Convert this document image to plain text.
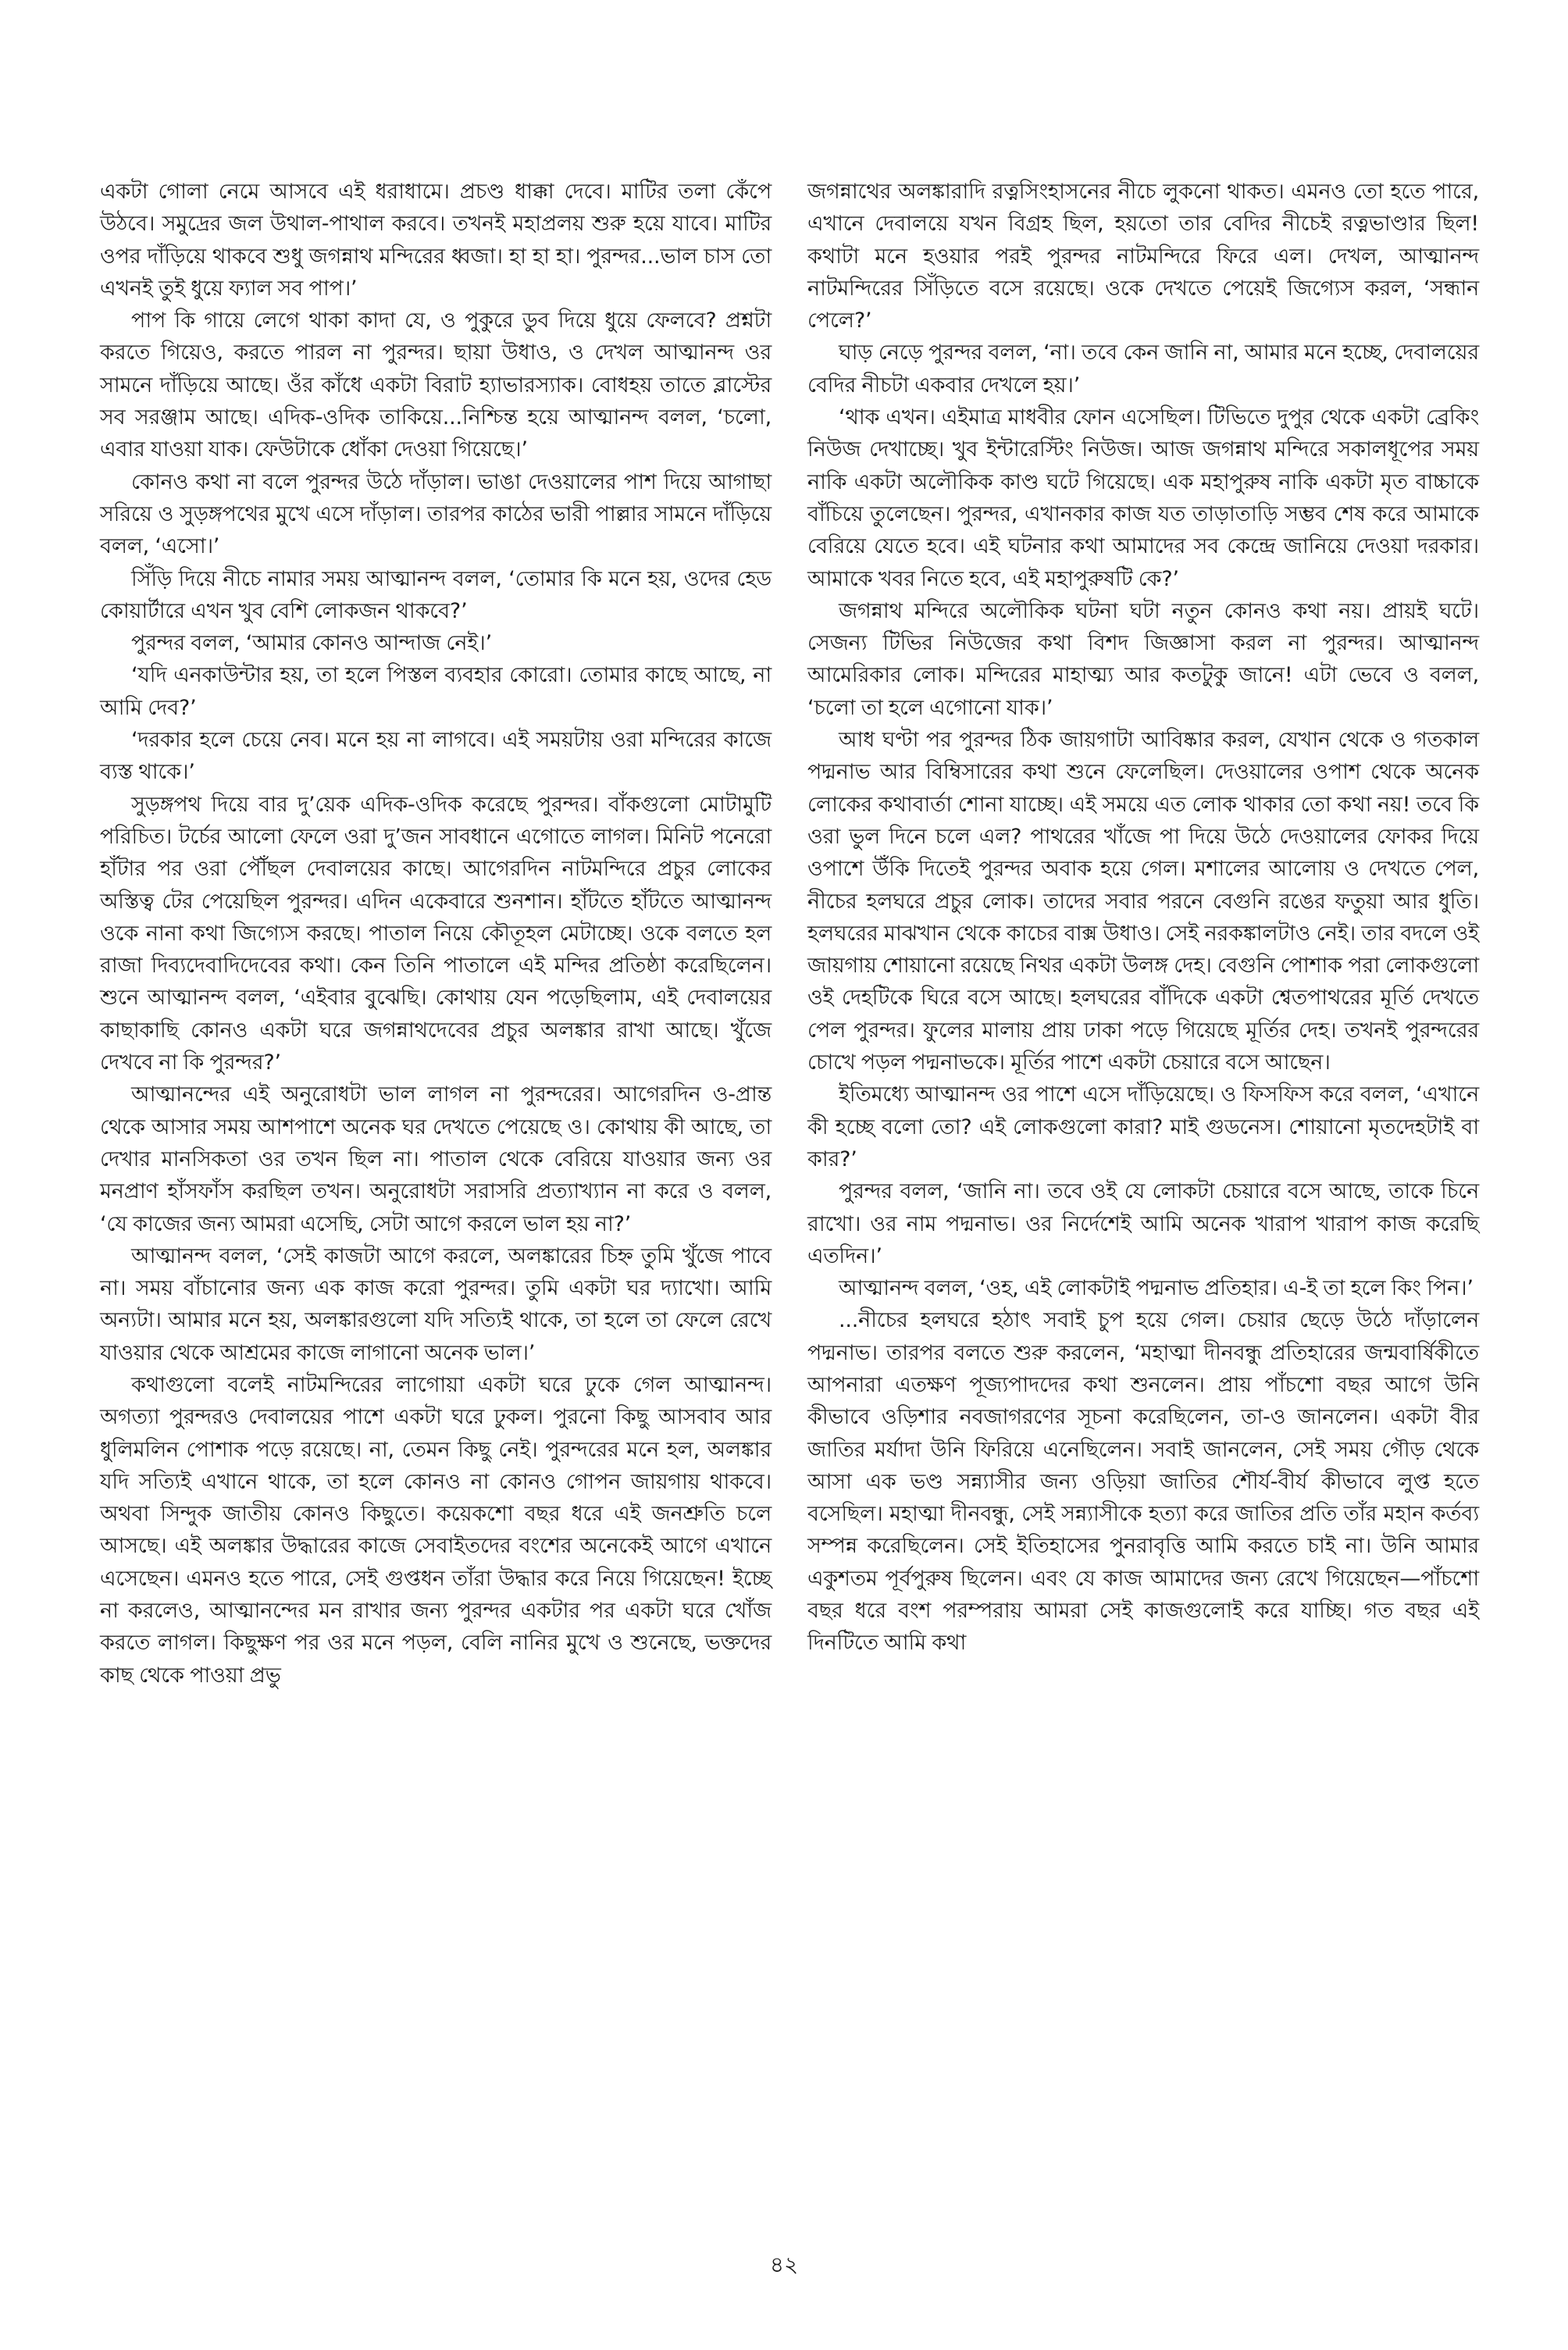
একটা গোলা নেমে আসবে এই ধরাধামে। প্রচণ্ড ধাক্কা দেবে। মাটির তলা কেঁপে উঠবে। সমুদ্রের জল উথাল-পাথাল করবে। তখনই মহাপ্রলয় শুরু হয়ে যাবে। মাটির ওপর দাঁড়িয়ে থাকবে শুধু জগন্নাথ মন্দিরের ধ্বজা। হা হা হা। পুরন্দর...ভাল চাস তো এখনই তুই ধুয়ে ফ্যাল সব পাপ।’

পাপ কি গায়ে লেগে থাকা কাদা যে, ও পুকুরে ডুব দিয়ে ধুয়ে ফেলবে? প্রশ্নটা করতে গিয়েও, করতে পারল না পুরন্দর। ছায়া উধাও, ও দেখল আত্মানন্দ ওর সামনে দাঁড়িয়ে আছে। ওঁর কাঁধে একটা বিরাট হ্যাভারস্যাক। বোধহয় তাতে ব্লাস্টের সব সরঞ্জাম আছে। এদিক-ওদিক তাকিয়ে...নিশ্চিন্ত হয়ে আত্মানন্দ বলল, ‘চলো, এবার যাওয়া যাক। ফেউটাকে ধোঁকা দেওয়া গিয়েছে।’

কোনও কথা না বলে পুরন্দর উঠে দাঁড়াল। ভাঙা দেওয়ালের পাশ দিয়ে আগাছা সরিয়ে ও সুড়ঙ্গপথের মুখে এসে দাঁড়াল। তারপর কাঠের ভারী পাল্লার সামনে দাঁড়িয়ে বলল, ‘এসো।’

সিঁড়ি দিয়ে নীচে নামার সময় আত্মানন্দ বলল, ‘তোমার কি মনে হয়, ওদের হেড কোয়ার্টারে এখন খুব বেশি লোকজন থাকবে?’

পুরন্দর বলল, ‘আমার কোনও আন্দাজ নেই।’

‘যদি এনকাউন্টার হয়, তা হলে পিস্তল ব্যবহার কোরো। তোমার কাছে আছে, না আমি দেব?’

‘দরকার হলে চেয়ে নেব। মনে হয় না লাগবে। এই সময়টায় ওরা মন্দিরের কাজে ব্যস্ত থাকে।’

সুড়ঙ্গপথ দিয়ে বার দু’য়েক এদিক-ওদিক করেছে পুরন্দর। বাঁকগুলো মোটামুটি পরিচিত। টর্চের আলো ফেলে ওরা দু’জন সাবধানে এগোতে লাগল। মিনিট পনেরো হাঁটার পর ওরা পৌঁছল দেবালয়ের কাছে। আগেরদিন নাটমন্দিরে প্রচুর লোকের অস্তিত্ব টের পেয়েছিল পুরন্দর। এদিন একেবারে শুনশান। হাঁটতে হাঁটতে আত্মানন্দ ওকে নানা কথা জিগ্যেস করছে। পাতাল নিয়ে কৌতূহল মেটাচ্ছে। ওকে বলতে হল রাজা দিব্যদেবাদিদেবের কথা। কেন তিনি পাতালে এই মন্দির প্রতিষ্ঠা করেছিলেন। শুনে আত্মানন্দ বলল, ‘এইবার বুঝেছি। কোথায় যেন পড়েছিলাম, এই দেবালয়ের কাছাকাছি কোনও একটা ঘরে জগন্নাথদেবের প্রচুর অলঙ্কার রাখা আছে। খুঁজে দেখবে না কি পুরন্দর?’

আত্মানন্দের এই অনুরোধটা ভাল লাগল না পুরন্দরের। আগেরদিন ও-প্রান্ত থেকে আসার সময় আশপাশে অনেক ঘর দেখতে পেয়েছে ও। কোথায় কী আছে, তা দেখার মানসিকতা ওর তখন ছিল না। পাতাল থেকে বেরিয়ে যাওয়ার জন্য ওর মনপ্রাণ হাঁসফাঁস করছিল তখন। অনুরোধটা সরাসরি প্রত্যাখ্যান না করে ও বলল, ‘যে কাজের জন্য আমরা এসেছি, সেটা আগে করলে ভাল হয় না?’

আত্মানন্দ বলল, ‘সেই কাজটা আগে করলে, অলঙ্কারের চিহ্ন তুমি খুঁজে পাবে না। সময় বাঁচানোর জন্য এক কাজ করো পুরন্দর। তুমি একটা ঘর দ্যাখো। আমি অন্যটা। আমার মনে হয়, অলঙ্কারগুলো যদি সত্যিই থাকে, তা হলে তা ফেলে রেখে যাওয়ার থেকে আশ্রমের কাজে লাগানো অনেক ভাল।’

কথাগুলো বলেই নাটমন্দিরের লাগোয়া একটা ঘরে ঢুকে গেল আত্মানন্দ। অগত্যা পুরন্দরও দেবালয়ের পাশে একটা ঘরে ঢুকল। পুরনো কিছু আসবাব আর ধুলিমলিন পোশাক পড়ে রয়েছে। না, তেমন কিছু নেই। পুরন্দরের মনে হল, অলঙ্কার যদি সত্যিই এখানে থাকে, তা হলে কোনও না কোনও গোপন জায়গায় থাকবে। অথবা সিন্দুক জাতীয় কোনও কিছুতে। কয়েকশো বছর ধরে এই জনশ্রুতি চলে আসছে। এই অলঙ্কার উদ্ধারের কাজে সেবাইতদের বংশের অনেকেই আগে এখানে এসেছেন। এমনও হতে পারে, সেই গুপ্তধন তাঁরা উদ্ধার করে নিয়ে গিয়েছেন! ইচ্ছে না করলেও, আত্মানন্দের মন রাখার জন্য পুরন্দর একটার পর একটা ঘরে খোঁজ করতে লাগল। কিছুক্ষণ পর ওর মনে পড়ল, বেলি নানির মুখে ও শুনেছে, ভক্তদের কাছ থেকে পাওয়া প্রভু

জগন্নাথের অলঙ্কারাদি রত্নসিংহাসনের নীচে লুকনো থাকত। এমনও তো হতে পারে, এখানে দেবালয়ে যখন বিগ্রহ ছিল, হয়তো তার বেদির নীচেই রত্নভাণ্ডার ছিল! কথাটা মনে হওয়ার পরই পুরন্দর নাটমন্দিরে ফিরে এল। দেখল, আত্মানন্দ নাটমন্দিরের সিঁড়িতে বসে রয়েছে। ওকে দেখতে পেয়েই জিগ্যেস করল, ‘সন্ধান পেলে?’

ঘাড় নেড়ে পুরন্দর বলল, ‘না। তবে কেন জানি না, আমার মনে হচ্ছে, দেবালয়ের বেদির নীচটা একবার দেখলে হয়।’

‘থাক এখন। এইমাত্র মাধবীর ফোন এসেছিল। টিভিতে দুপুর থেকে একটা ব্রেকিং নিউজ দেখাচ্ছে। খুব ইন্টারেস্টিং নিউজ। আজ জগন্নাথ মন্দিরে সকালধূপের সময় নাকি একটা অলৌকিক কাণ্ড ঘটে গিয়েছে। এক মহাপুরুষ নাকি একটা মৃত বাচ্চাকে বাঁচিয়ে তুলেছেন। পুরন্দর, এখানকার কাজ যত তাড়াতাড়ি সম্ভব শেষ করে আমাকে বেরিয়ে যেতে হবে। এই ঘটনার কথা আমাদের সব কেন্দ্রে জানিয়ে দেওয়া দরকার। আমাকে খবর নিতে হবে, এই মহাপুরুষটি কে?’

জগন্নাথ মন্দিরে অলৌকিক ঘটনা ঘটা নতুন কোনও কথা নয়। প্রায়ই ঘটে। সেজন্য টিভির নিউজের কথা বিশদ জিজ্ঞাসা করল না পুরন্দর। আত্মানন্দ আমেরিকার লোক। মন্দিরের মাহাত্ম্য আর কতটুকু জানে! এটা ভেবে ও বলল, ‘চলো তা হলে এগোনো যাক।’

আধ ঘণ্টা পর পুরন্দর ঠিক জায়গাটা আবিষ্কার করল, যেখান থেকে ও গতকাল পদ্মনাভ আর বিম্বিসারের কথা শুনে ফেলেছিল। দেওয়ালের ওপাশ থেকে অনেক লোকের কথাবার্তা শোনা যাচ্ছে। এই সময়ে এত লোক থাকার তো কথা নয়! তবে কি ওরা ভুল দিনে চলে এল? পাথরের খাঁজে পা দিয়ে উঠে দেওয়ালের ফোকর দিয়ে ওপাশে উঁকি দিতেই পুরন্দর অবাক হয়ে গেল। মশালের আলোয় ও দেখতে পেল, নীচের হলঘরে প্রচুর লোক। তাদের সবার পরনে বেগুনি রঙের ফতুয়া আর ধুতি। হলঘরের মাঝখান থেকে কাচের বাক্স উধাও। সেই নরকঙ্কালটাও নেই। তার বদলে ওই জায়গায় শোয়ানো রয়েছে নিথর একটা উলঙ্গ দেহ। বেগুনি পোশাক পরা লোকগুলো ওই দেহটিকে ঘিরে বসে আছে। হলঘরের বাঁদিকে একটা শ্বেতপাথরের মূর্তি দেখতে পেল পুরন্দর। ফুলের মালায় প্রায় ঢাকা পড়ে গিয়েছে মূর্তির দেহ। তখনই পুরন্দরের চোখে পড়ল পদ্মনাভকে। মূর্তির পাশে একটা চেয়ারে বসে আছেন।

ইতিমধ্যে আত্মানন্দ ওর পাশে এসে দাঁড়িয়েছে। ও ফিসফিস করে বলল, ‘এখানে কী হচ্ছে বলো তো? এই লোকগুলো কারা? মাই গুডনেস। শোয়ানো মৃতদেহটাই বা কার?’

পুরন্দর বলল, ‘জানি না। তবে ওই যে লোকটা চেয়ারে বসে আছে, তাকে চিনে রাখো। ওর নাম পদ্মনাভ। ওর নির্দেশেই আমি অনেক খারাপ খারাপ কাজ করেছি এতদিন।’

আত্মানন্দ বলল, ‘ওহ, এই লোকটাই পদ্মনাভ প্রতিহার। এ-ই তা হলে কিং পিন।’

...নীচের হলঘরে হঠাৎ সবাই চুপ হয়ে গেল। চেয়ার ছেড়ে উঠে দাঁড়ালেন পদ্মনাভ। তারপর বলতে শুরু করলেন, ‘মহাত্মা দীনবন্ধু প্রতিহারের জন্মবার্ষিকীতে আপনারা এতক্ষণ পূজ্যপাদদের কথা শুনলেন। প্রায় পাঁচশো বছর আগে উনি কীভাবে ওড়িশার নবজাগরণের সূচনা করেছিলেন, তা-ও জানলেন। একটা বীর জাতির মর্যাদা উনি ফিরিয়ে এনেছিলেন। সবাই জানলেন, সেই সময় গৌড় থেকে আসা এক ভণ্ড সন্ন্যাসীর জন্য ওড়িয়া জাতির শৌর্য-বীর্য কীভাবে লুপ্ত হতে বসেছিল। মহাত্মা দীনবন্ধু, সেই সন্ন্যাসীকে হত্যা করে জাতির প্রতি তাঁর মহান কর্তব্য সম্পন্ন করেছিলেন। সেই ইতিহাসের পুনরাবৃত্তি আমি করতে চাই না। উনি আমার একুশতম পূর্বপুরুষ ছিলেন। এবং যে কাজ আমাদের জন্য রেখে গিয়েছেন—পাঁচশো বছর ধরে বংশ পরম্পরায় আমরা সেই কাজগুলোই করে যাচ্ছি। গত বছর এই দিনটিতে আমি কথা

৪২
